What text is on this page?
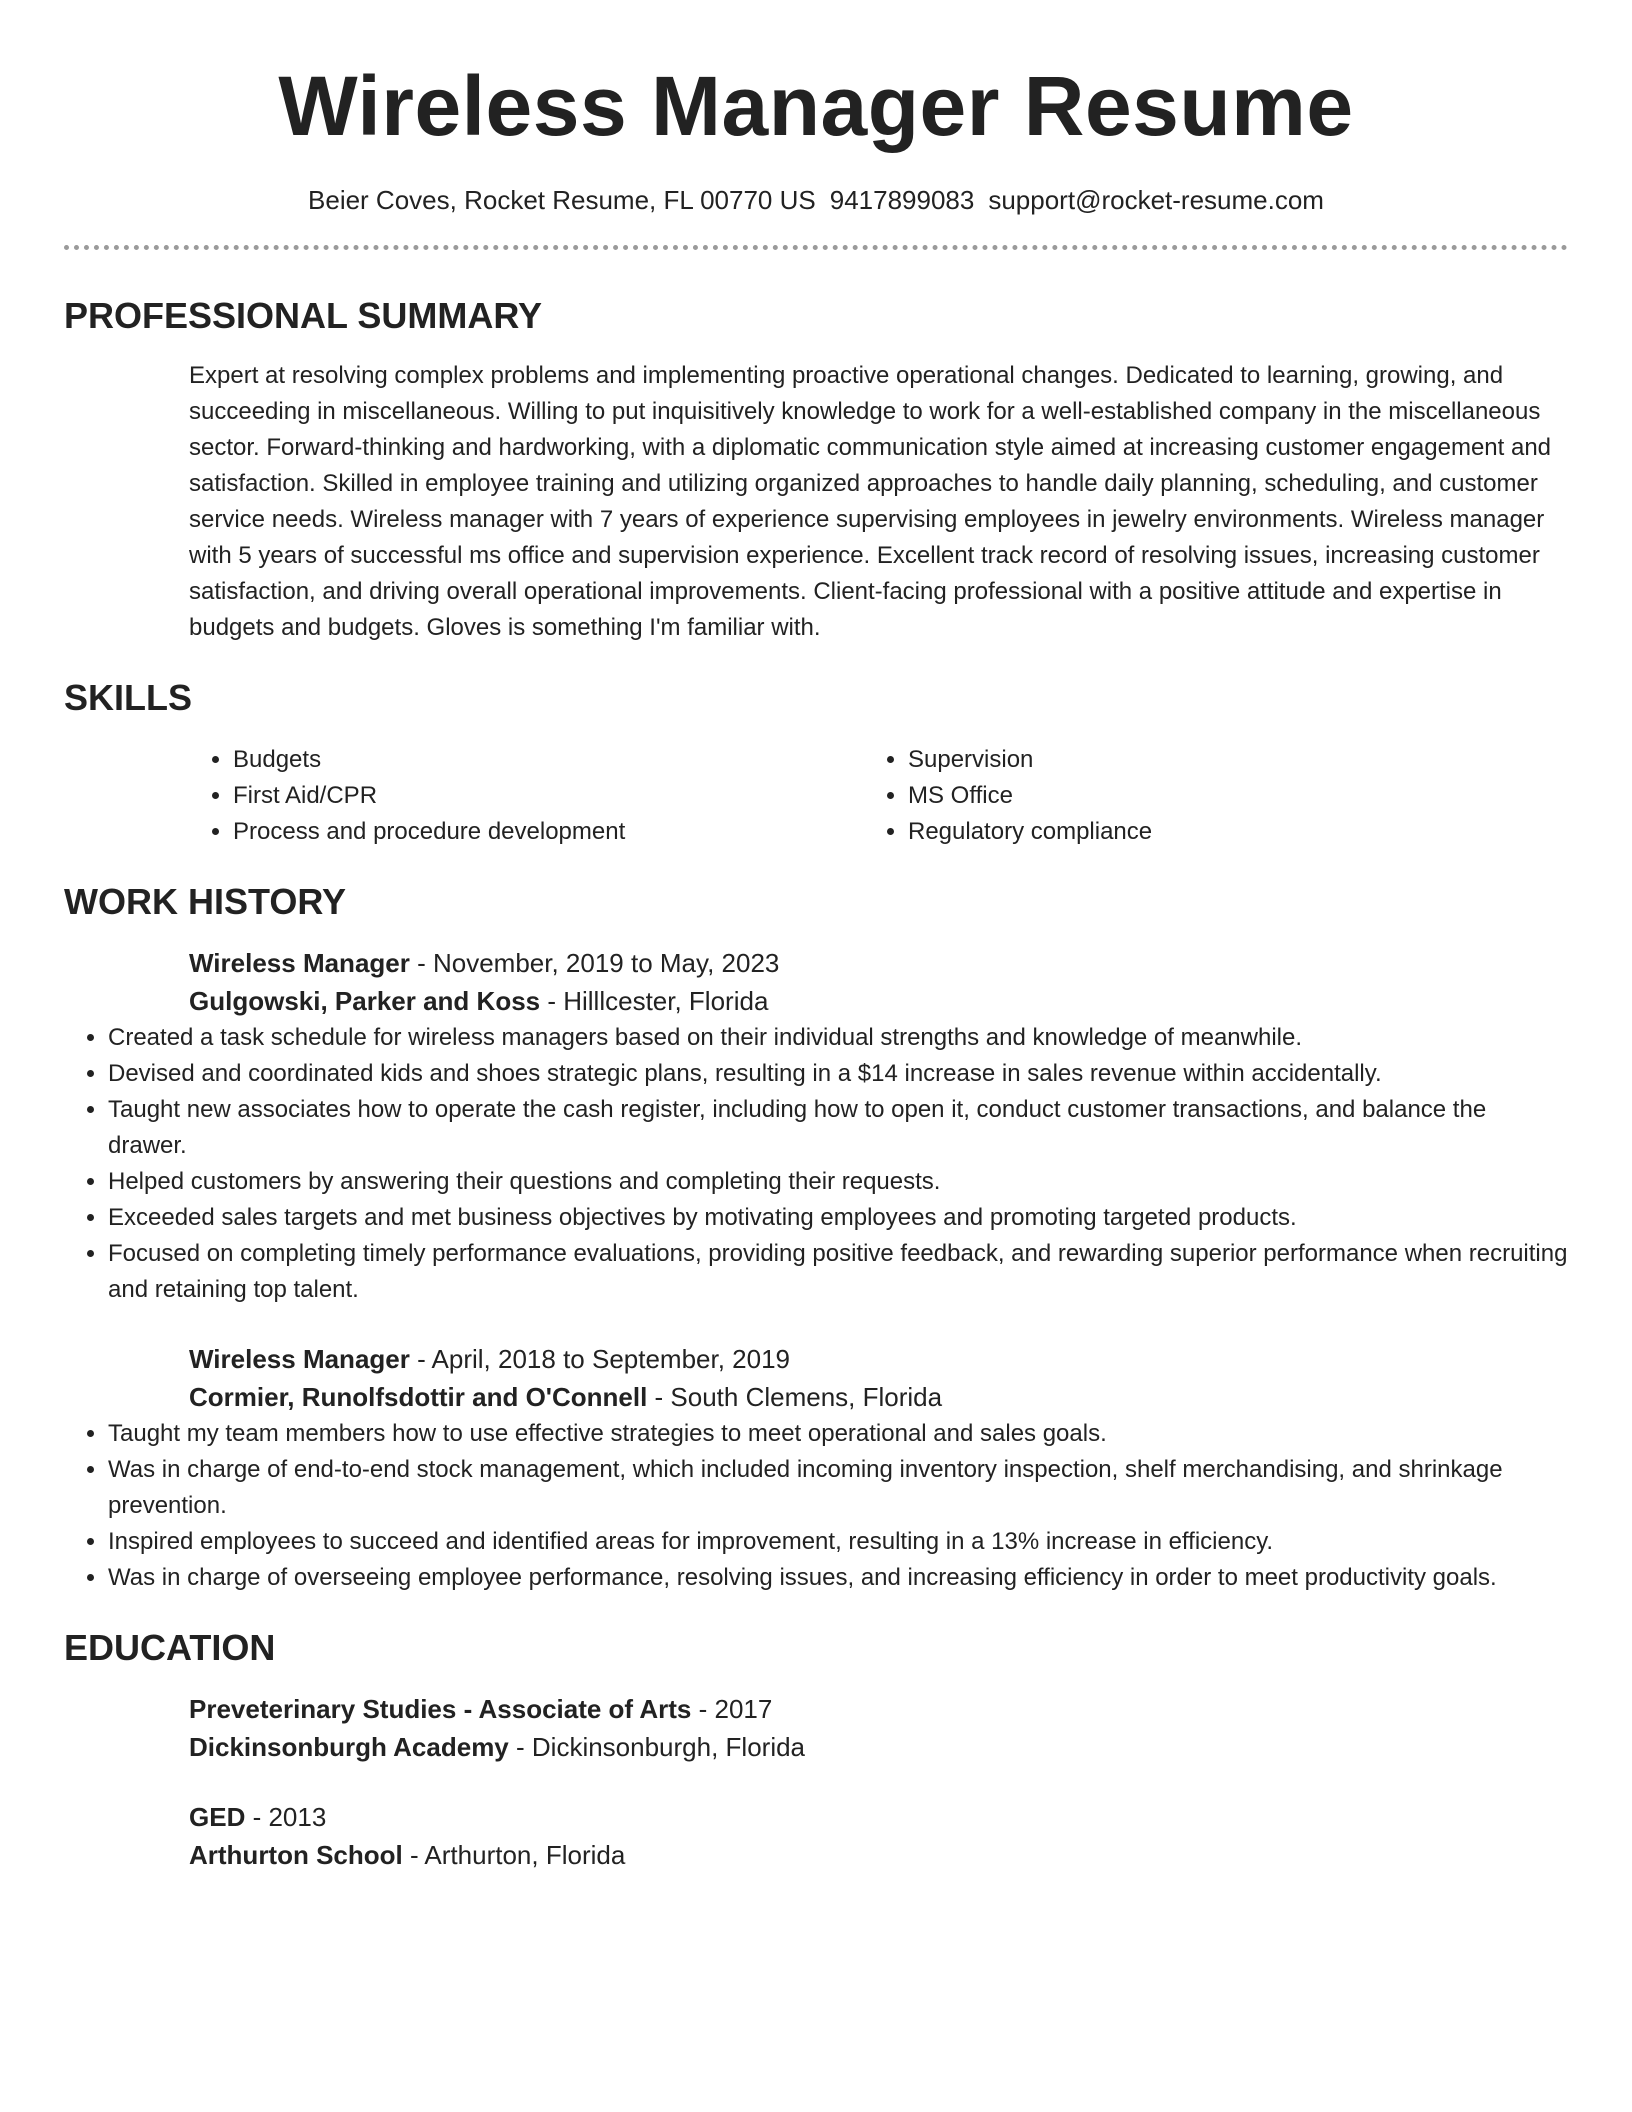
Wireless Manager Resume
Beier Coves, Rocket Resume, FL 00770 US 9417899083 support@rocket-resume.com
PROFESSIONAL SUMMARY
Expert at resolving complex problems and implementing proactive operational changes. Dedicated to learning, growing, and succeeding in miscellaneous. Willing to put inquisitively knowledge to work for a well-established company in the miscellaneous sector. Forward-thinking and hardworking, with a diplomatic communication style aimed at increasing customer engagement and satisfaction. Skilled in employee training and utilizing organized approaches to handle daily planning, scheduling, and customer service needs. Wireless manager with 7 years of experience supervising employees in jewelry environments. Wireless manager with 5 years of successful ms office and supervision experience. Excellent track record of resolving issues, increasing customer satisfaction, and driving overall operational improvements. Client-facing professional with a positive attitude and expertise in budgets and budgets. Gloves is something I'm familiar with.
SKILLS
• Budgets
• First Aid/CPR
• Process and procedure development
• Supervision
• MS Office
• Regulatory compliance
WORK HISTORY
Wireless Manager - November, 2019 to May, 2023
Gulgowski, Parker and Koss - Hilllcester, Florida
• Created a task schedule for wireless managers based on their individual strengths and knowledge of meanwhile.
• Devised and coordinated kids and shoes strategic plans, resulting in a $14 increase in sales revenue within accidentally.
• Taught new associates how to operate the cash register, including how to open it, conduct customer transactions, and balance the drawer.
• Helped customers by answering their questions and completing their requests.
• Exceeded sales targets and met business objectives by motivating employees and promoting targeted products.
• Focused on completing timely performance evaluations, providing positive feedback, and rewarding superior performance when recruiting and retaining top talent.
Wireless Manager - April, 2018 to September, 2019
Cormier, Runolfsdottir and O'Connell - South Clemens, Florida
• Taught my team members how to use effective strategies to meet operational and sales goals.
• Was in charge of end-to-end stock management, which included incoming inventory inspection, shelf merchandising, and shrinkage prevention.
• Inspired employees to succeed and identified areas for improvement, resulting in a 13% increase in efficiency.
• Was in charge of overseeing employee performance, resolving issues, and increasing efficiency in order to meet productivity goals.
EDUCATION
Preveterinary Studies - Associate of Arts - 2017
Dickinsonburgh Academy - Dickinsonburgh, Florida
GED - 2013
Arthurton School - Arthurton, Florida
